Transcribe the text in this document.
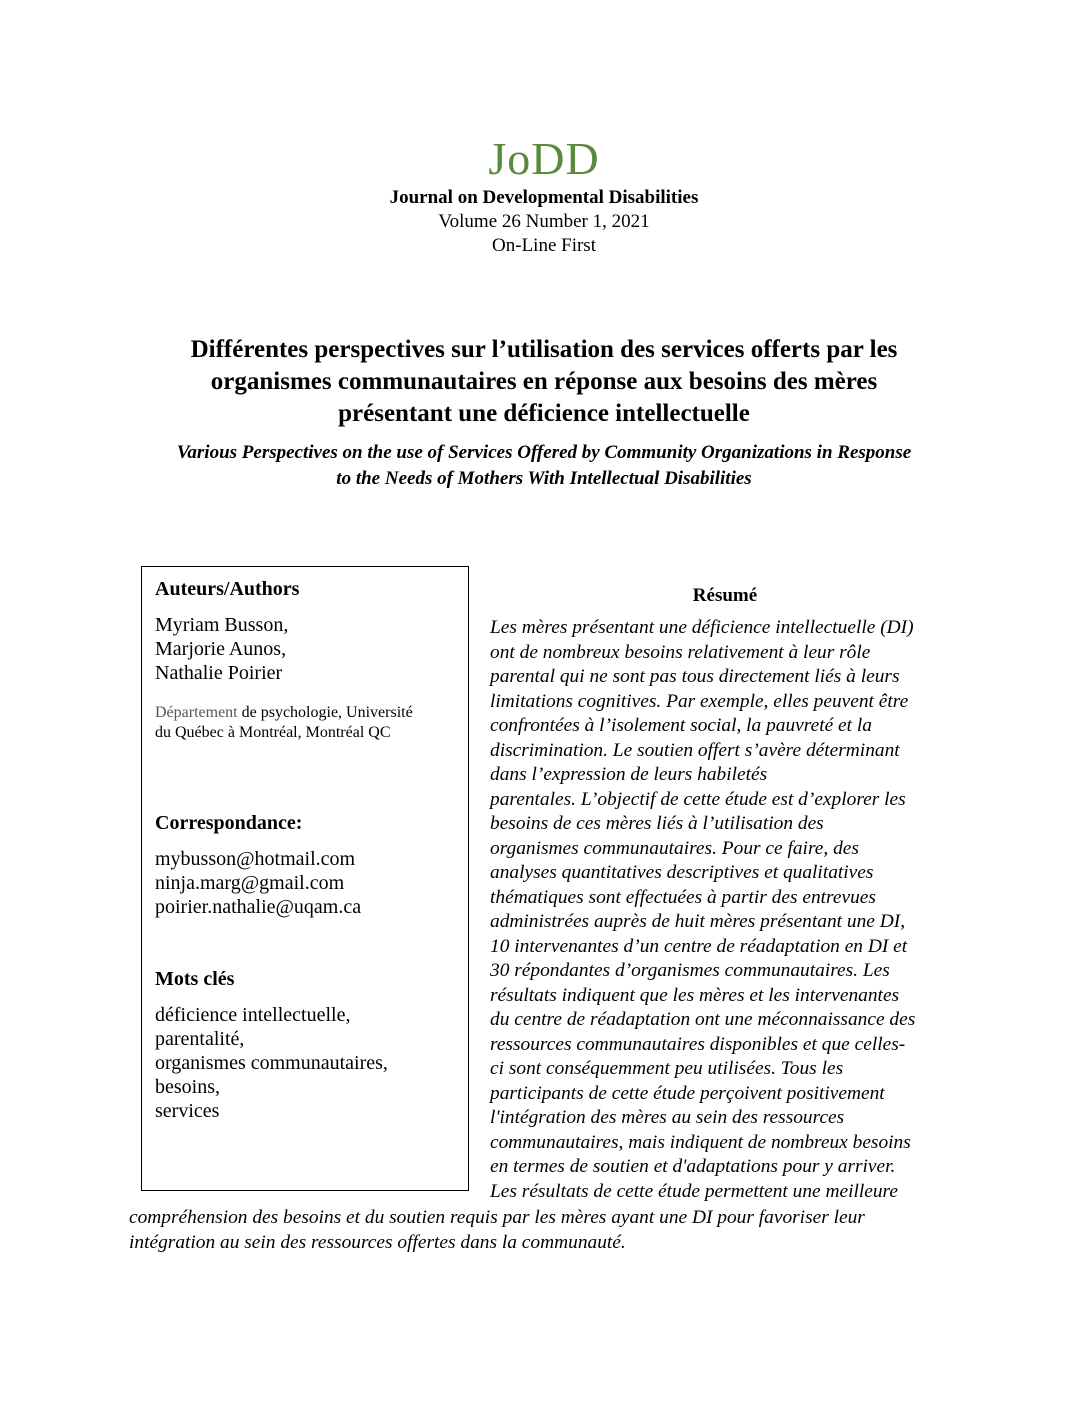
JoDD
Journal on Developmental Disabilities
Volume 26 Number 1, 2021
On-Line First
Différentes perspectives sur l’utilisation des services offerts par les
organismes communautaires en réponse aux besoins des mères
présentant une déficience intellectuelle
Various Perspectives on the use of Services Offered by Community Organizations in Response
to the Needs of Mothers With Intellectual Disabilities
Auteurs/Authors
Myriam Busson,
Marjorie Aunos,
Nathalie Poirier
Département de psychologie, Université
du Québec à Montréal, Montréal QC
Correspondance:
mybusson@hotmail.com
ninja.marg@gmail.com
poirier.nathalie@uqam.ca
Mots clés
déficience intellectuelle,
parentalité,
organismes communautaires,
besoins,
services
Résumé
Les mères présentant une déficience intellectuelle (DI)
ont de nombreux besoins relativement à leur rôle
parental qui ne sont pas tous directement liés à leurs
limitations cognitives. Par exemple, elles peuvent être
confrontées à l’isolement social, la pauvreté et la
discrimination. Le soutien offert s’avère déterminant
dans l’expression de leurs habiletés
parentales. L’objectif de cette étude est d’explorer les
besoins de ces mères liés à l’utilisation des
organismes communautaires. Pour ce faire, des
analyses quantitatives descriptives et qualitatives
thématiques sont effectuées à partir des entrevues
administrées auprès de huit mères présentant une DI,
10 intervenantes d’un centre de réadaptation en DI et
30 répondantes d’organismes communautaires. Les
résultats indiquent que les mères et les intervenantes
du centre de réadaptation ont une méconnaissance des
ressources communautaires disponibles et que celles-
ci sont conséquemment peu utilisées. Tous les
participants de cette étude perçoivent positivement
l'intégration des mères au sein des ressources
communautaires, mais indiquent de nombreux besoins
en termes de soutien et d'adaptations pour y arriver.
Les résultats de cette étude permettent une meilleure
compréhension des besoins et du soutien requis par les mères ayant une DI pour favoriser leur
intégration au sein des ressources offertes dans la communauté.
